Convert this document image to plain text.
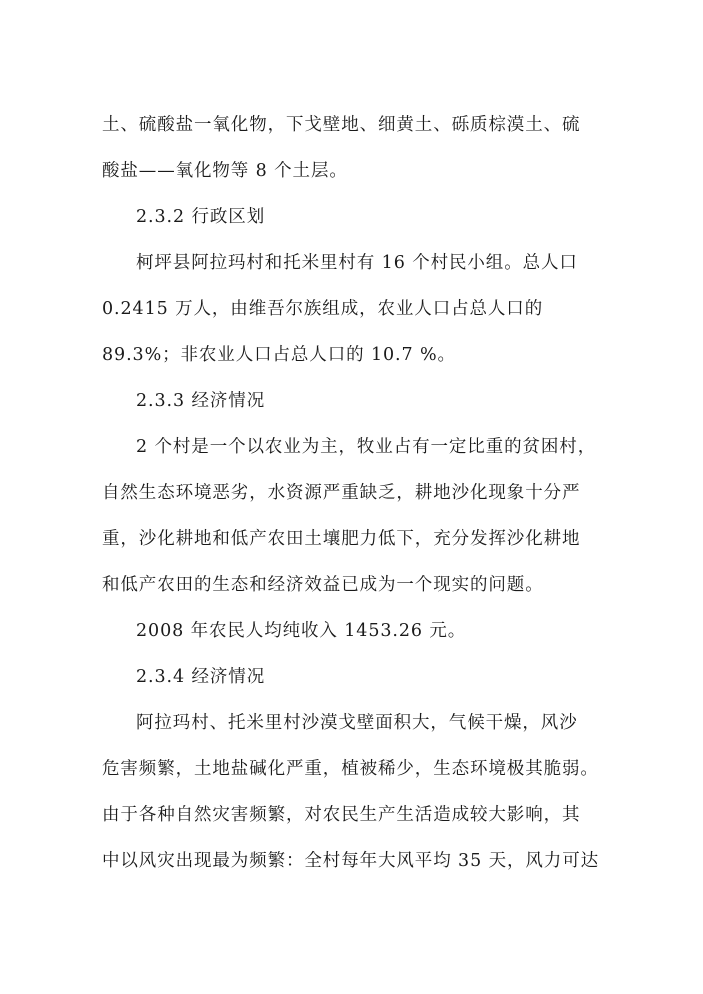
土、硫酸盐一氧化物，下戈壁地、细黄土、砾质棕漠土、硫
酸盐——氧化物等 8 个土层。
2.3.2 行政区划
柯坪县阿拉玛村和托米里村有 16 个村民小组。总人口
0.2415 万人，由维吾尔族组成，农业人口占总人口的
89.3%；非农业人口占总人口的 10.7 %。
2.3.3 经济情况
2 个村是一个以农业为主，牧业占有一定比重的贫困村，
自然生态环境恶劣，水资源严重缺乏，耕地沙化现象十分严
重，沙化耕地和低产农田土壤肥力低下，充分发挥沙化耕地
和低产农田的生态和经济效益已成为一个现实的问题。
2008 年农民人均纯收入 1453.26 元。
2.3.4 经济情况
阿拉玛村、托米里村沙漠戈壁面积大，气候干燥，风沙
危害频繁，土地盐碱化严重，植被稀少，生态环境极其脆弱。
由于各种自然灾害频繁，对农民生产生活造成较大影响，其
中以风灾出现最为频繁：全村每年大风平均 35 天，风力可达
